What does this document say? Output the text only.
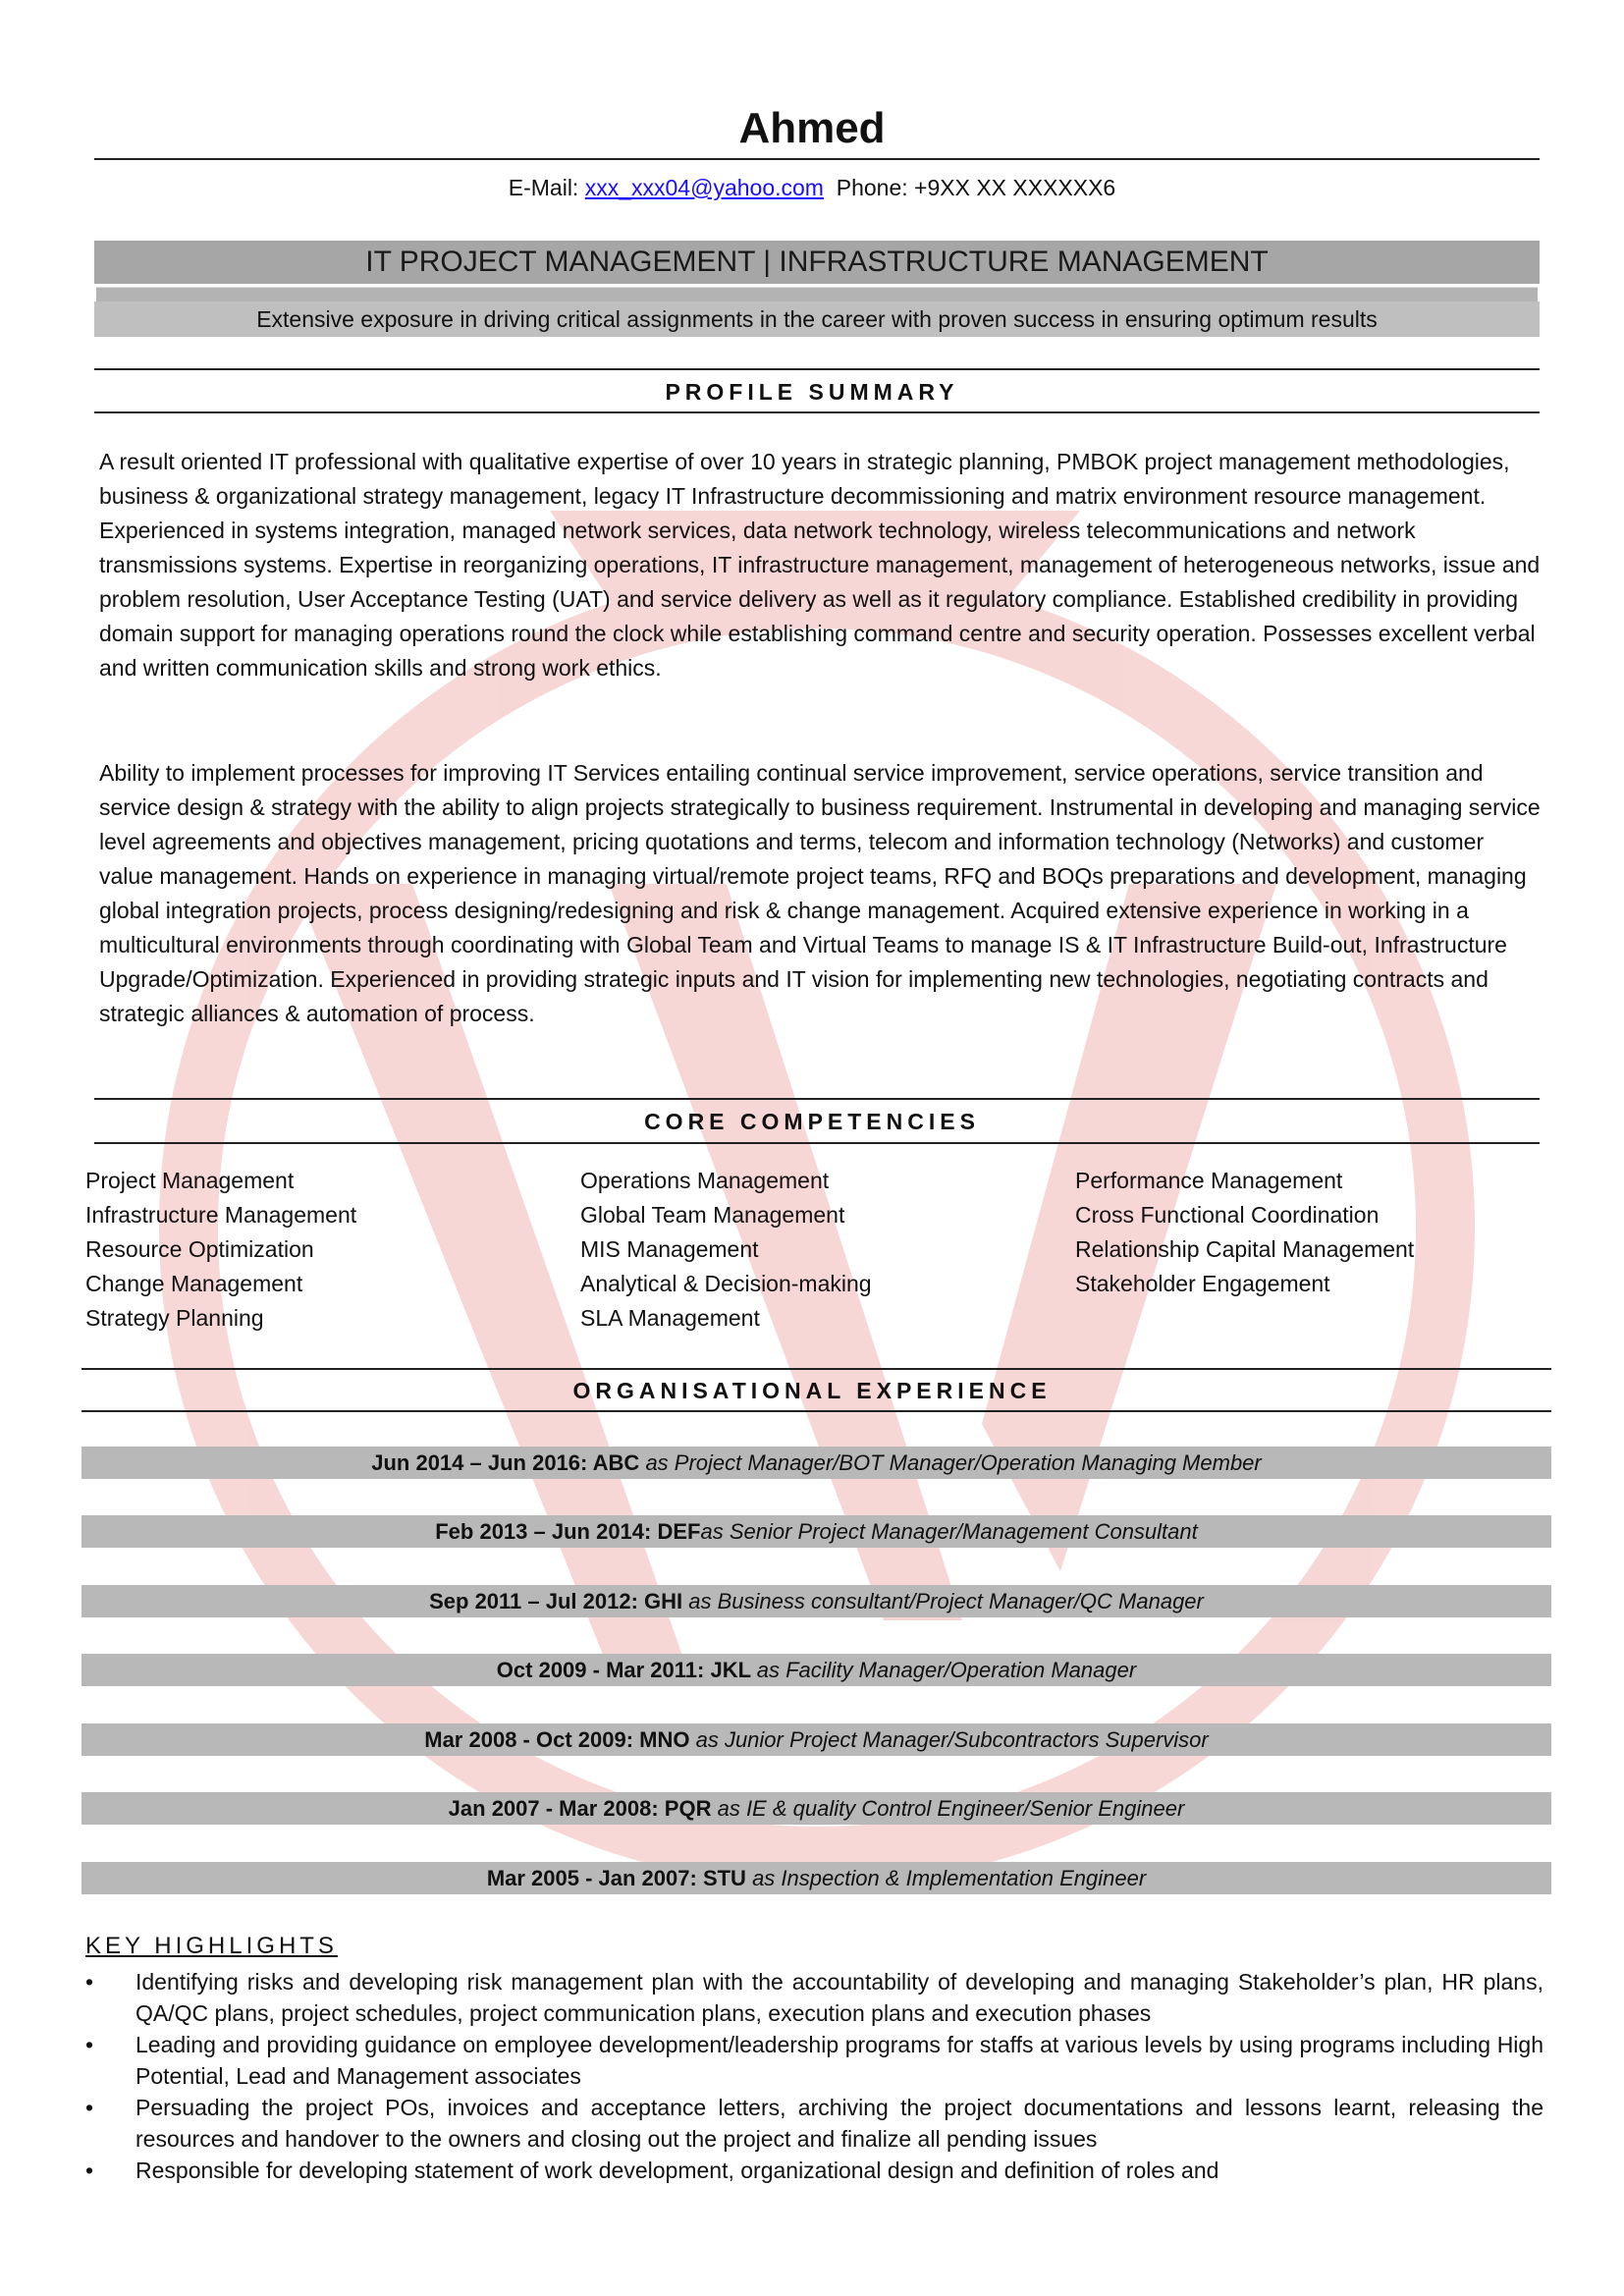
Ahmed
E-Mail: xxx_xxx04@yahoo.com Phone: +9XX XX XXXXXX6
IT PROJECT MANAGEMENT | INFRASTRUCTURE MANAGEMENT
Extensive exposure in driving critical assignments in the career with proven success in ensuring optimum results
PROFILE SUMMARY
A result oriented IT professional with qualitative expertise of over 10 years in strategic planning, PMBOK project management methodologies, business & organizational strategy management, legacy IT Infrastructure decommissioning and matrix environment resource management. Experienced in systems integration, managed network services, data network technology, wireless telecommunications and network transmissions systems. Expertise in reorganizing operations, IT infrastructure management, management of heterogeneous networks, issue and problem resolution, User Acceptance Testing (UAT) and service delivery as well as it regulatory compliance. Established credibility in providing domain support for managing operations round the clock while establishing command centre and security operation. Possesses excellent verbal and written communication skills and strong work ethics.
Ability to implement processes for improving IT Services entailing continual service improvement, service operations, service transition and service design & strategy with the ability to align projects strategically to business requirement. Instrumental in developing and managing service level agreements and objectives management, pricing quotations and terms, telecom and information technology (Networks) and customer value management. Hands on experience in managing virtual/remote project teams, RFQ and BOQs preparations and development, managing global integration projects, process designing/redesigning and risk & change management. Acquired extensive experience in working in a multicultural environments through coordinating with Global Team and Virtual Teams to manage IS & IT Infrastructure Build-out, Infrastructure Upgrade/Optimization. Experienced in providing strategic inputs and IT vision for implementing new technologies, negotiating contracts and strategic alliances & automation of process.
CORE COMPETENCIES
Project Management
Infrastructure Management
Resource Optimization
Change Management
Strategy Planning
Operations Management
Global Team Management
MIS Management
Analytical & Decision-making
SLA Management
Performance Management
Cross Functional Coordination
Relationship Capital Management
Stakeholder Engagement
ORGANISATIONAL EXPERIENCE
Jun 2014 – Jun 2016: ABC as Project Manager/BOT Manager/Operation Managing Member
Feb 2013 – Jun 2014: DEFas Senior Project Manager/Management Consultant
Sep 2011 – Jul 2012: GHI as Business consultant/Project Manager/QC Manager
Oct 2009 - Mar 2011: JKL as Facility Manager/Operation Manager
Mar 2008 - Oct 2009: MNO as Junior Project Manager/Subcontractors Supervisor
Jan 2007 - Mar 2008: PQR as IE & quality Control Engineer/Senior Engineer
Mar 2005 - Jan 2007: STU as Inspection & Implementation Engineer
KEY HIGHLIGHTS
• Identifying risks and developing risk management plan with the accountability of developing and managing Stakeholder’s plan, HR plans, QA/QC plans, project schedules, project communication plans, execution plans and execution phases
• Leading and providing guidance on employee development/leadership programs for staffs at various levels by using programs including High Potential, Lead and Management associates
• Persuading the project POs, invoices and acceptance letters, archiving the project documentations and lessons learnt, releasing the resources and handover to the owners and closing out the project and finalize all pending issues
• Responsible for developing statement of work development, organizational design and definition of roles and
